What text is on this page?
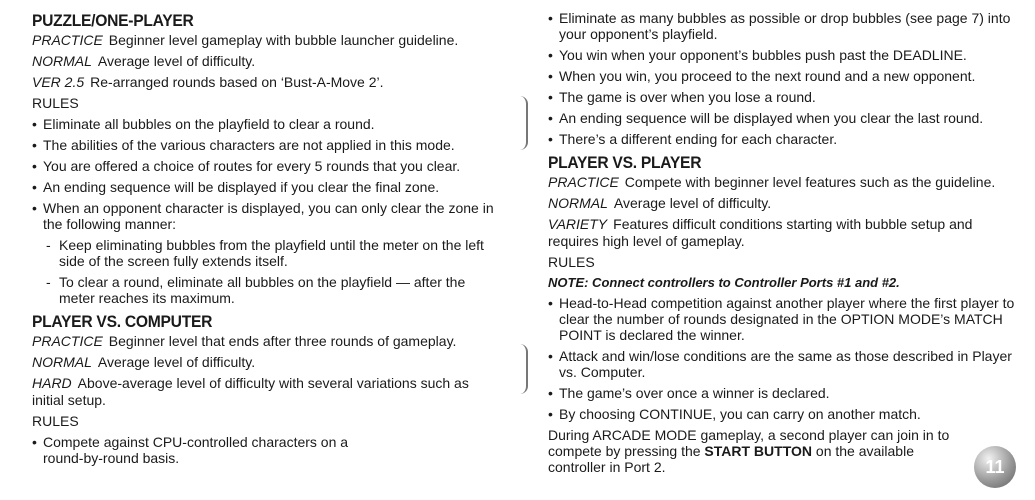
PUZZLE/ONE-PLAYER

PRACTICE Beginner level gameplay with bubble launcher guideline.

NORMAL Average level of difficulty.

VER 2.5 Re-arranged rounds based on ‘Bust-A-Move 2’.

RULES

• Eliminate all bubbles on the playfield to clear a round.
• The abilities of the various characters are not applied in this mode.
• You are offered a choice of routes for every 5 rounds that you clear.
• An ending sequence will be displayed if you clear the final zone.
• When an opponent character is displayed, you can only clear the zone in the following manner:
- Keep eliminating bubbles from the playfield until the meter on the left side of the screen fully extends itself.
- To clear a round, eliminate all bubbles on the playfield — after the meter reaches its maximum.
PLAYER VS. COMPUTER

PRACTICE Beginner level that ends after three rounds of gameplay.

NORMAL Average level of difficulty.

HARD Above-average level of difficulty with several variations such as initial setup.

RULES

• Compete against CPU-controlled characters on a round-by-round basis.
• Eliminate as many bubbles as possible or drop bubbles (see page 7) into your opponent’s playfield.
• You win when your opponent’s bubbles push past the DEADLINE.
• When you win, you proceed to the next round and a new opponent.
• The game is over when you lose a round.
• An ending sequence will be displayed when you clear the last round.
• There’s a different ending for each character.
PLAYER VS. PLAYER

PRACTICE Compete with beginner level features such as the guideline.

NORMAL Average level of difficulty.

VARIETY Features difficult conditions starting with bubble setup and requires high level of gameplay.

RULES

NOTE: Connect controllers to Controller Ports #1 and #2.

• Head-to-Head competition against another player where the first player to clear the number of rounds designated in the OPTION MODE’s MATCH POINT is declared the winner.
• Attack and win/lose conditions are the same as those described in Player vs. Computer.
• The game’s over once a winner is declared.
• By choosing CONTINUE, you can carry on another match.

During ARCADE MODE gameplay, a second player can join in to compete by pressing the START BUTTON on the available controller in Port 2.	11
